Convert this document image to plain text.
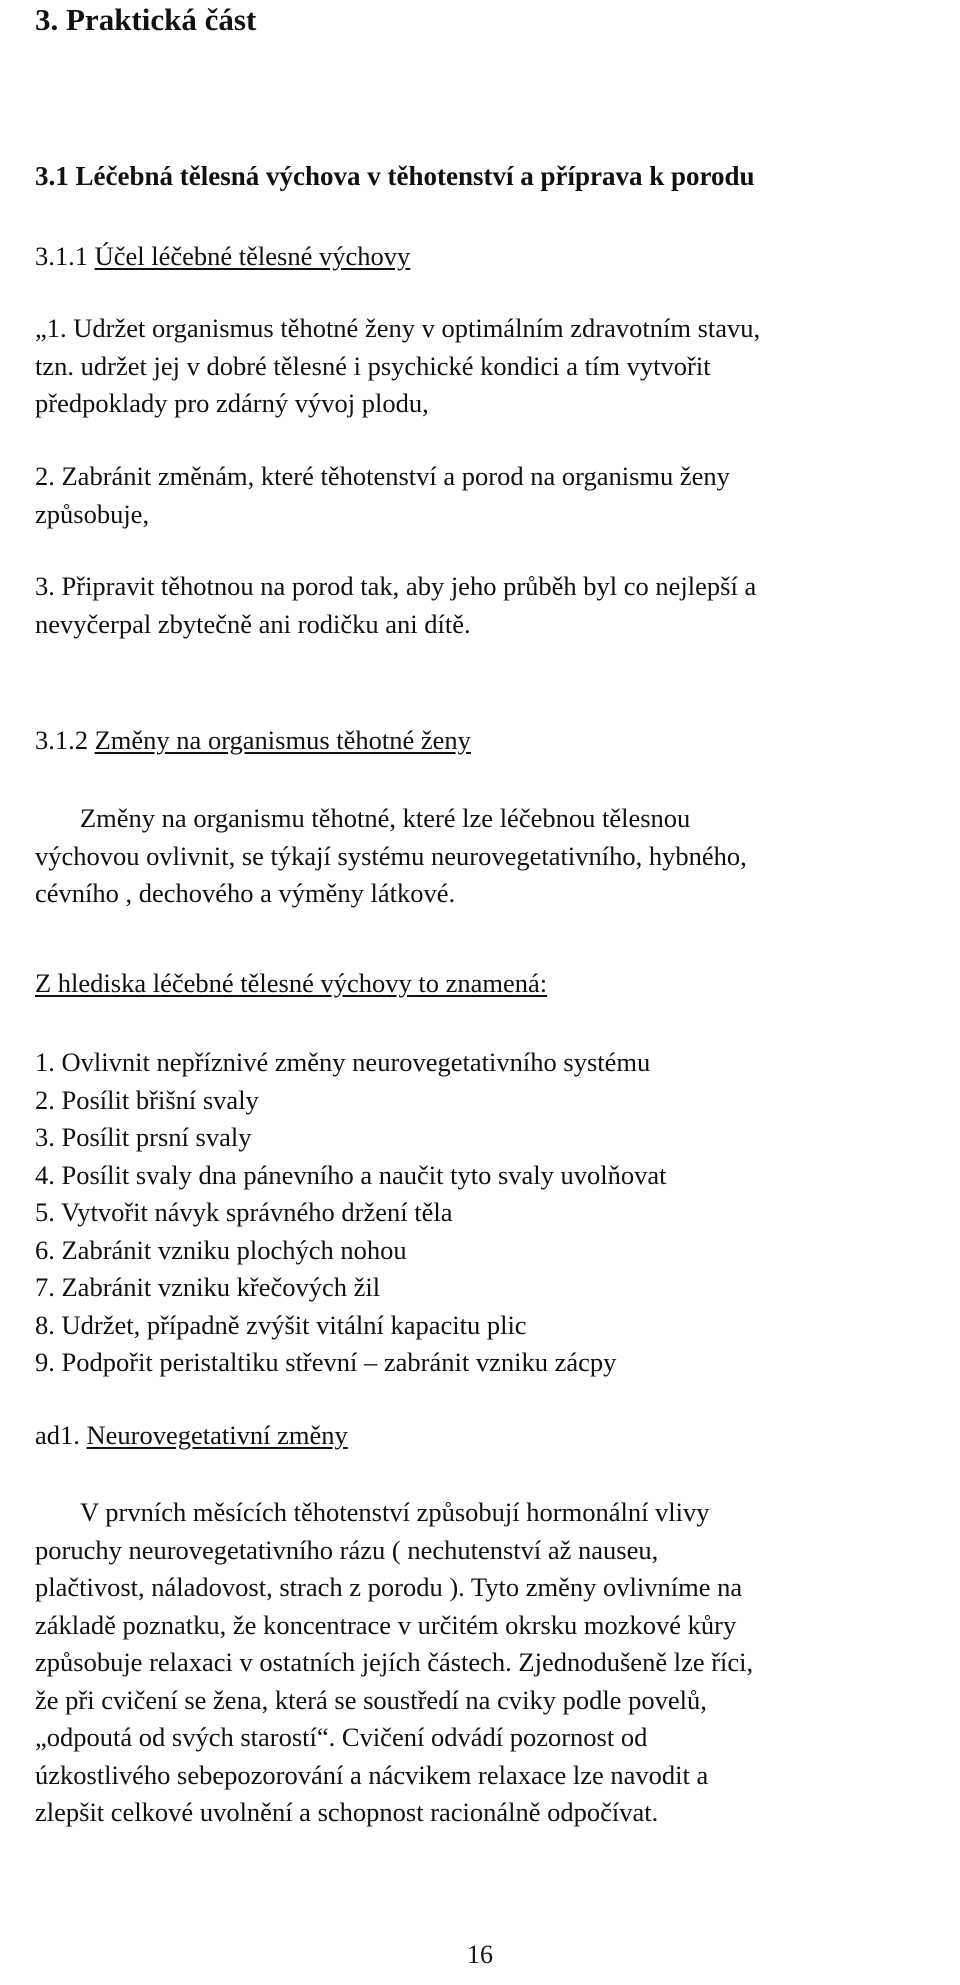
3. Praktická část
3.1 Léčebná tělesná výchova v těhotenství a příprava k porodu
3.1.1 Účel léčebné tělesné výchovy
„1. Udržet organismus těhotné ženy v optimálním zdravotním stavu,
tzn. udržet jej v dobré tělesné i psychické kondici a tím vytvořit
předpoklady pro zdárný vývoj plodu,
2. Zabránit změnám, které těhotenství a porod na organismu ženy
způsobuje,
3. Připravit těhotnou na porod tak, aby jeho průběh byl co nejlepší a
nevyčerpal zbytečně ani rodičku ani dítě.
3.1.2 Změny na organismus těhotné ženy
Změny na organismu těhotné, které lze léčebnou tělesnou
výchovou ovlivnit, se týkají systému neurovegetativního, hybného,
cévního , dechového a výměny látkové.
Z hlediska léčebné tělesné výchovy to znamená:
1. Ovlivnit nepříznivé změny neurovegetativního systému
2. Posílit břišní svaly
3. Posílit prsní svaly
4. Posílit svaly dna pánevního a naučit tyto svaly uvolňovat
5. Vytvořit návyk správného držení těla
6. Zabránit vzniku plochých nohou
7. Zabránit vzniku křečových žil
8. Udržet, případně zvýšit vitální kapacitu plic
9. Podpořit peristaltiku střevní – zabránit vzniku zácpy
ad1. Neurovegetativní změny
V prvních měsících těhotenství způsobují hormonální vlivy
poruchy neurovegetativního rázu ( nechutenství až nauseu,
plačtivost, náladovost, strach z porodu ). Tyto změny ovlivníme na
základě poznatku, že koncentrace v určitém okrsku mozkové kůry
způsobuje relaxaci v ostatních jejích částech. Zjednodušeně lze říci,
že při cvičení se žena, která se soustředí na cviky podle povelů,
„odpoutá od svých starostí“. Cvičení odvádí pozornost od
úzkostlivého sebepozorování a nácvikem relaxace lze navodit a
zlepšit celkové uvolnění a schopnost racionálně odpočívat.
16
